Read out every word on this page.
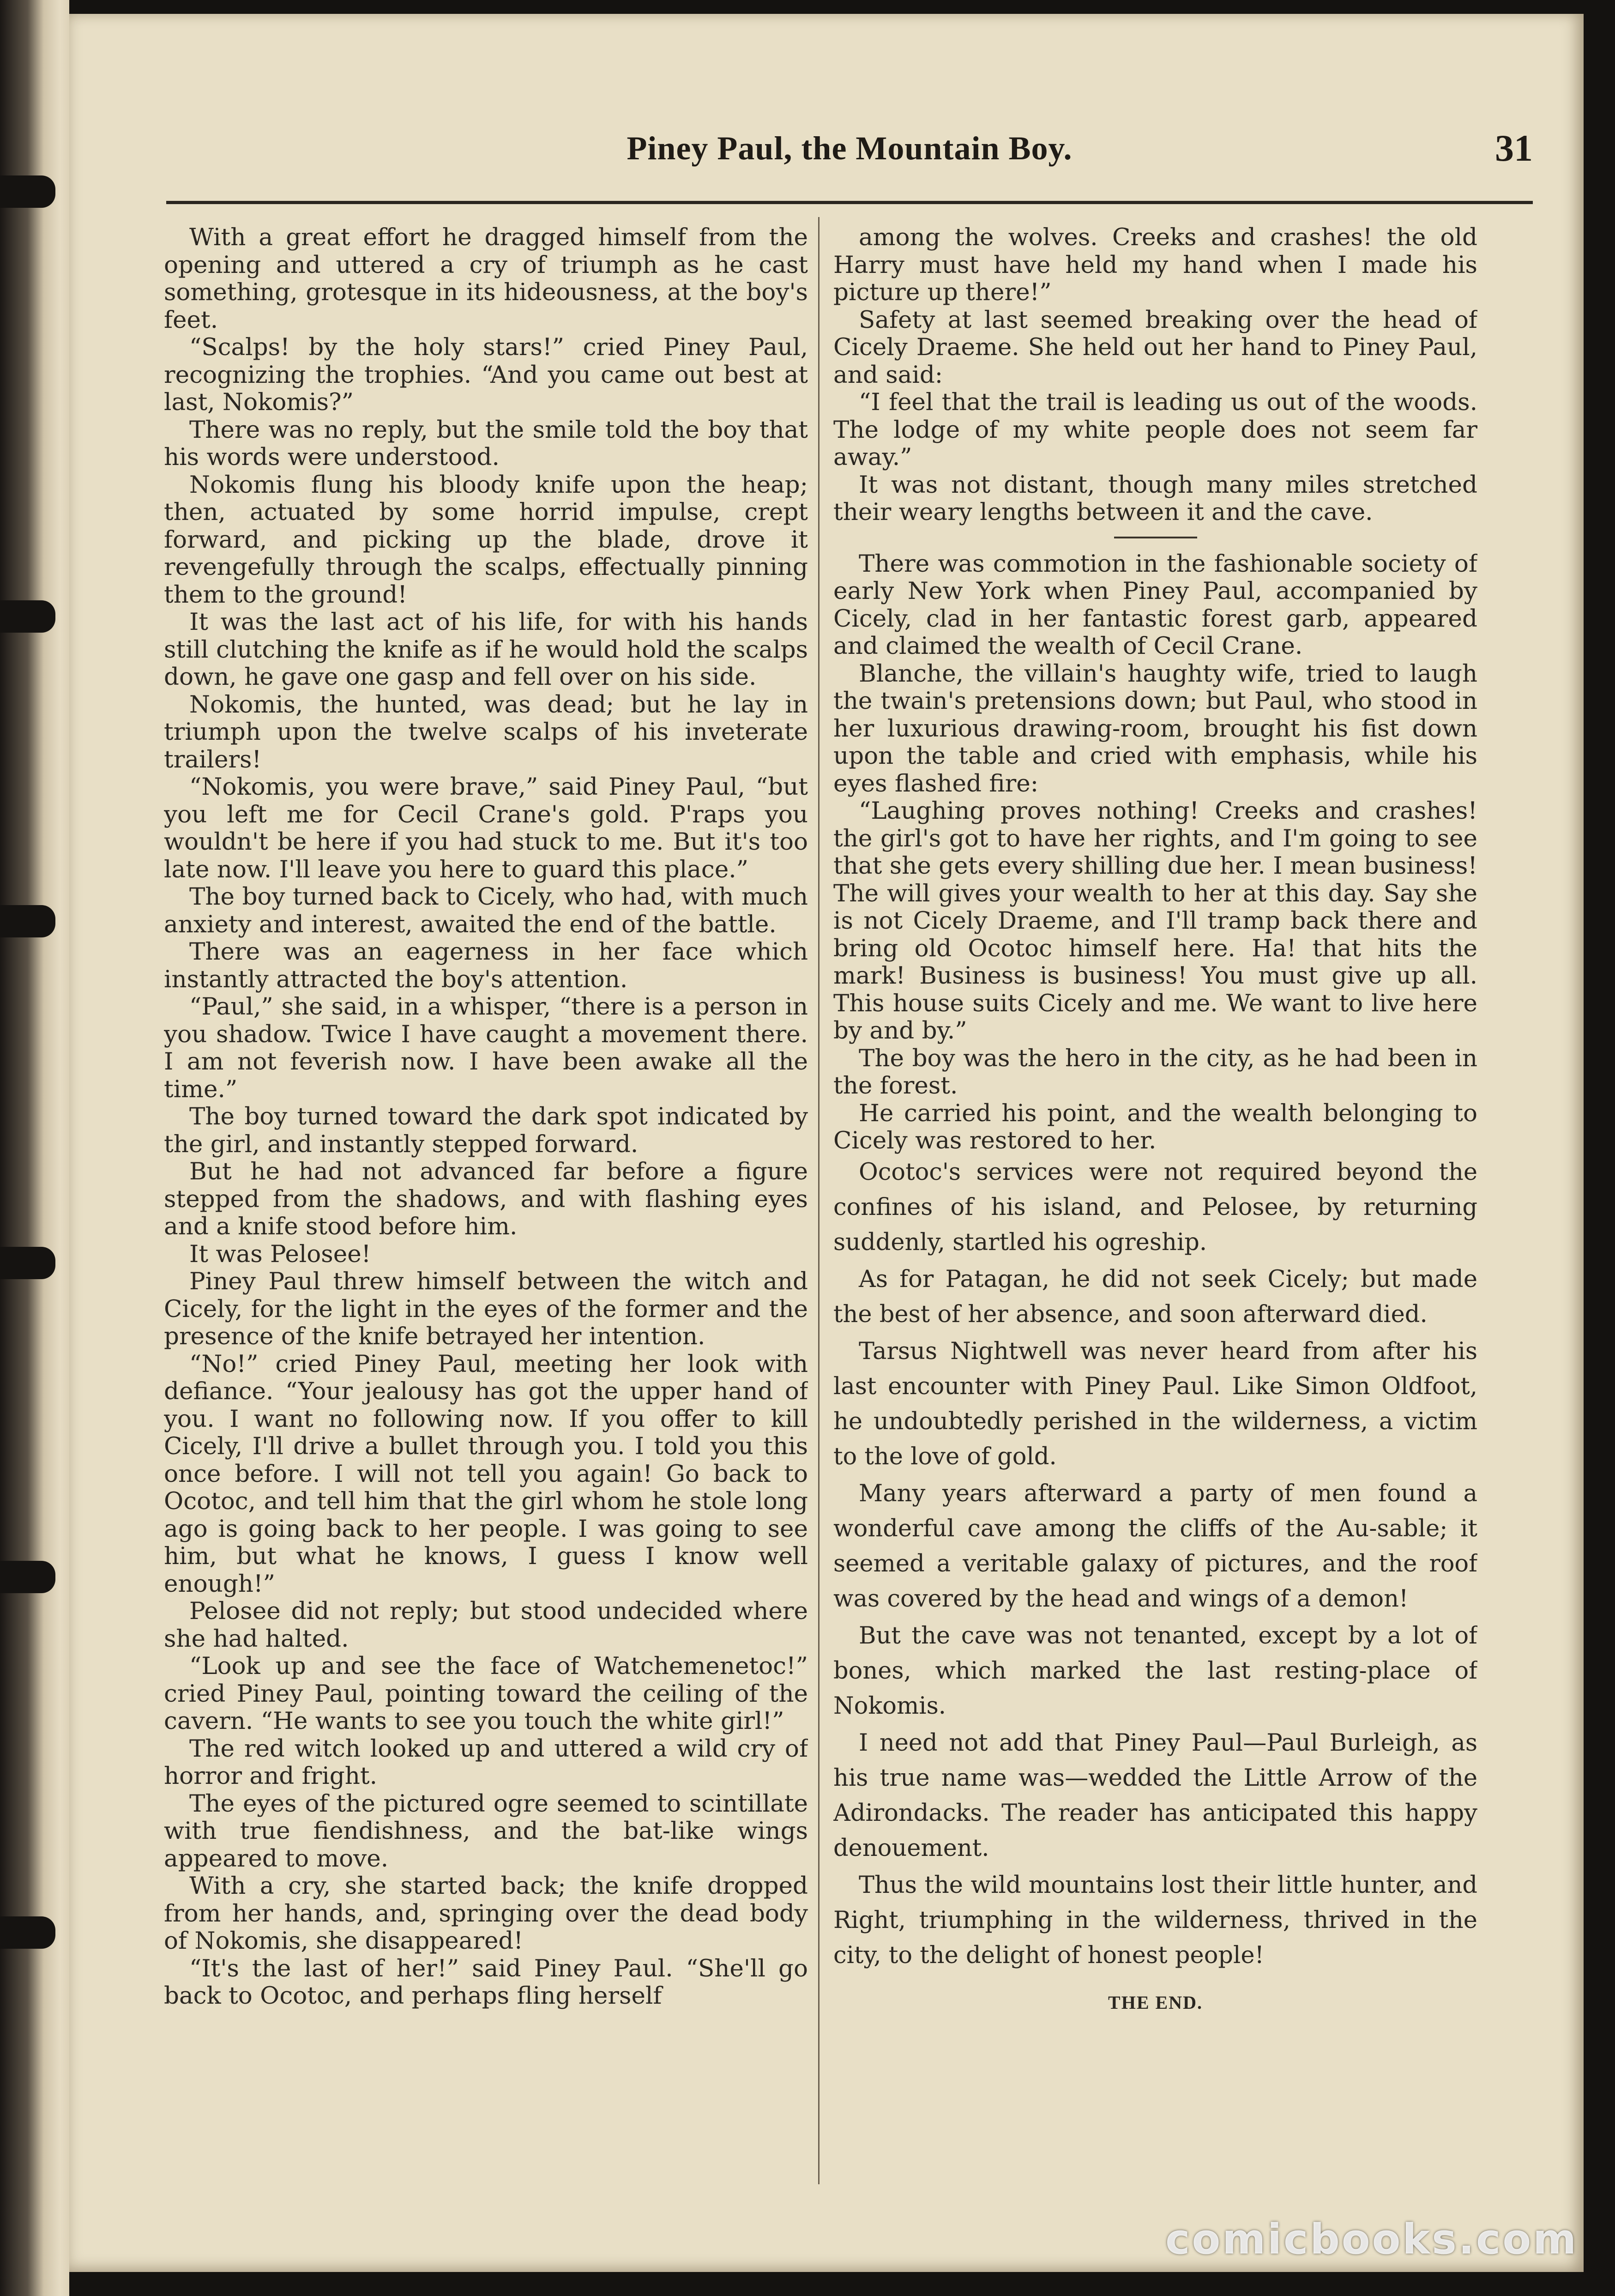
Piney Paul, the Mountain Boy.	31

With a great effort he dragged himself from the opening and uttered a cry of triumph as he cast something, grotesque in its hideousness, at the boy's feet.

“Scalps! by the holy stars!” cried Piney Paul, recognizing the trophies. “And you came out best at last, Nokomis?”

There was no reply, but the smile told the boy that his words were understood.

Nokomis flung his bloody knife upon the heap; then, actuated by some horrid impulse, crept forward, and picking up the blade, drove it revengefully through the scalps, effectually pinning them to the ground!

It was the last act of his life, for with his hands still clutching the knife as if he would hold the scalps down, he gave one gasp and fell over on his side.

Nokomis, the hunted, was dead; but he lay in triumph upon the twelve scalps of his inveterate trailers!

“Nokomis, you were brave,” said Piney Paul, “but you left me for Cecil Crane's gold. P'raps you wouldn't be here if you had stuck to me. But it's too late now. I'll leave you here to guard this place.”

The boy turned back to Cicely, who had, with much anxiety and interest, awaited the end of the battle.

There was an eagerness in her face which instantly attracted the boy's attention.

“Paul,” she said, in a whisper, “there is a person in you shadow. Twice I have caught a movement there. I am not feverish now. I have been awake all the time.”

The boy turned toward the dark spot indicated by the girl, and instantly stepped forward.

But he had not advanced far before a figure stepped from the shadows, and with flashing eyes and a knife stood before him.

It was Pelosee!

Piney Paul threw himself between the witch and Cicely, for the light in the eyes of the former and the presence of the knife betrayed her intention.

“No!” cried Piney Paul, meeting her look with defiance. “Your jealousy has got the upper hand of you. I want no following now. If you offer to kill Cicely, I'll drive a bullet through you. I told you this once before. I will not tell you again! Go back to Ocotoc, and tell him that the girl whom he stole long ago is going back to her people. I was going to see him, but what he knows, I guess I know well enough!”

Pelosee did not reply; but stood undecided where she had halted.

“Look up and see the face of Watchemenetoc!” cried Piney Paul, pointing toward the ceiling of the cavern. “He wants to see you touch the white girl!”

The red witch looked up and uttered a wild cry of horror and fright.

The eyes of the pictured ogre seemed to scintillate with true fiendishness, and the bat-like wings appeared to move.

With a cry, she started back; the knife dropped from her hands, and, springing over the dead body of Nokomis, she disappeared!

“It's the last of her!” said Piney Paul. “She'll go back to Ocotoc, and perhaps fling herself

among the wolves. Creeks and crashes! the old Harry must have held my hand when I made his picture up there!”

Safety at last seemed breaking over the head of Cicely Draeme. She held out her hand to Piney Paul, and said:

“I feel that the trail is leading us out of the woods. The lodge of my white people does not seem far away.”

It was not distant, though many miles stretched their weary lengths between it and the cave.

There was commotion in the fashionable society of early New York when Piney Paul, accompanied by Cicely, clad in her fantastic forest garb, appeared and claimed the wealth of Cecil Crane.

Blanche, the villain's haughty wife, tried to laugh the twain's pretensions down; but Paul, who stood in her luxurious drawing-room, brought his fist down upon the table and cried with emphasis, while his eyes flashed fire:

“Laughing proves nothing! Creeks and crashes! the girl's got to have her rights, and I'm going to see that she gets every shilling due her. I mean business! The will gives your wealth to her at this day. Say she is not Cicely Draeme, and I'll tramp back there and bring old Ocotoc himself here. Ha! that hits the mark! Business is business! You must give up all. This house suits Cicely and me. We want to live here by and by.”

The boy was the hero in the city, as he had been in the forest.

He carried his point, and the wealth belonging to Cicely was restored to her.

Ocotoc's services were not required beyond the confines of his island, and Pelosee, by returning suddenly, startled his ogreship.

As for Patagan, he did not seek Cicely; but made the best of her absence, and soon afterward died.

Tarsus Nightwell was never heard from after his last encounter with Piney Paul. Like Simon Oldfoot, he undoubtedly perished in the wilderness, a victim to the love of gold.

Many years afterward a party of men found a wonderful cave among the cliffs of the Au-sable; it seemed a veritable galaxy of pictures, and the roof was covered by the head and wings of a demon!

But the cave was not tenanted, except by a lot of bones, which marked the last resting-place of Nokomis.

I need not add that Piney Paul—Paul Burleigh, as his true name was—wedded the Little Arrow of the Adirondacks. The reader has anticipated this happy denouement.

Thus the wild mountains lost their little hunter, and Right, triumphing in the wilderness, thrived in the city, to the delight of honest people!

THE END.
comicbooks.com
